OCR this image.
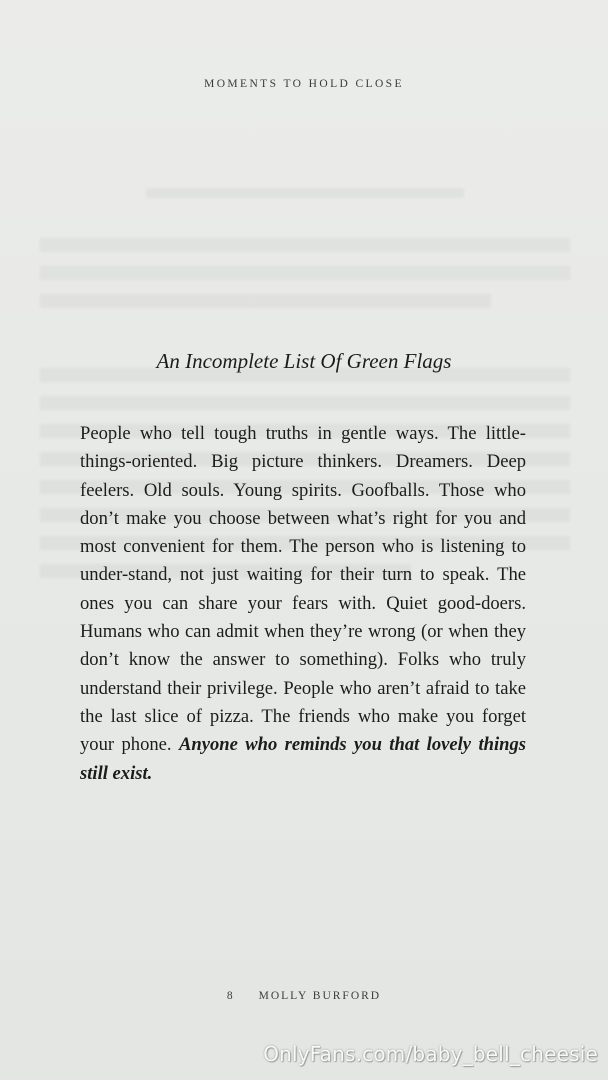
MOMENTS TO HOLD CLOSE
An Incomplete List Of Green Flags

People who tell tough truths in gentle ways. The little-things-oriented. Big picture thinkers. Dreamers. Deep feelers. Old souls. Young spirits. Goofballs. Those who don’t make you choose between what’s right for you and most convenient for them. The person who is listening to under-stand, not just waiting for their turn to speak. The ones you can share your fears with. Quiet good-doers. Humans who can admit when they’re wrong (or when they don’t know the answer to something). Folks who truly understand their privilege. People who aren’t afraid to take the last slice of pizza. The friends who make you forget your phone. Anyone who reminds you that lovely things still exist.

8 MOLLY BURFORD
OnlyFans.com/baby_bell_cheesie
